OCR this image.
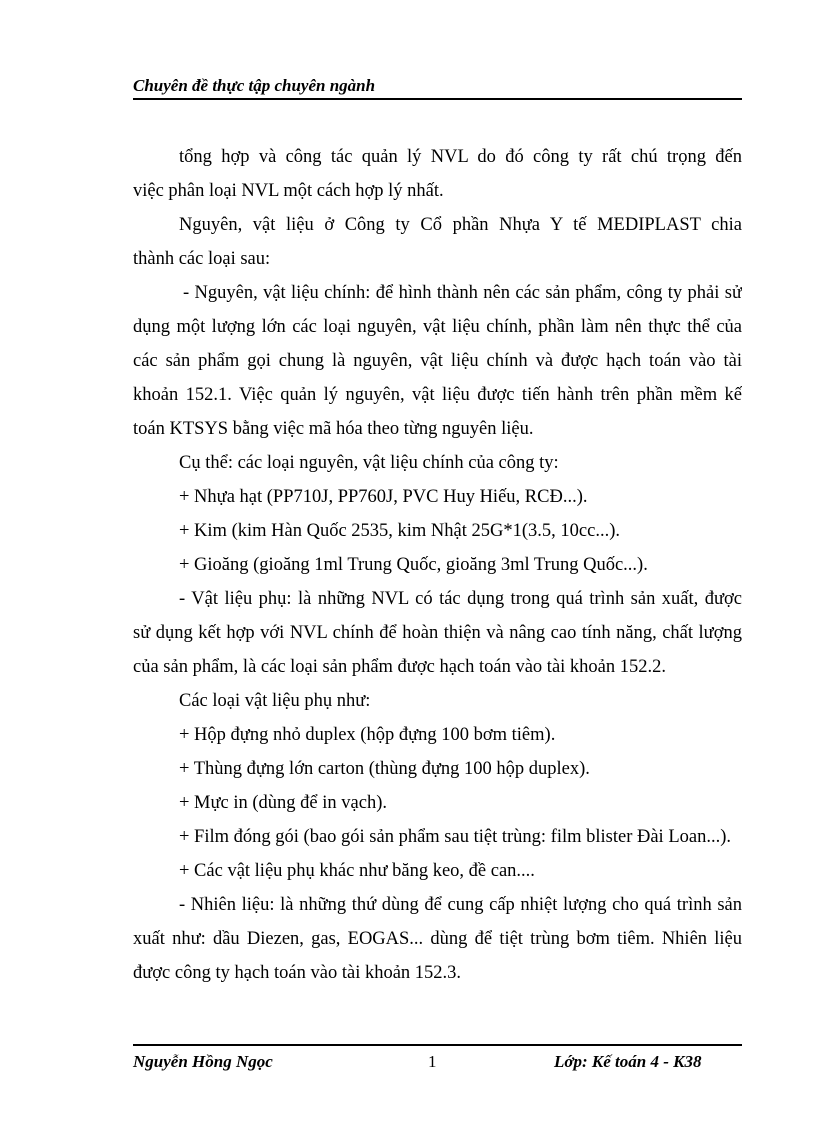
Chuyên đề thực tập chuyên ngành
tổng hợp và công tác quản lý NVL do đó công ty rất chú trọng đến
việc phân loại NVL một cách hợp lý nhất.
Nguyên, vật liệu ở Công ty Cổ phần Nhựa Y tế MEDIPLAST chia
thành các loại sau:
- Nguyên, vật liệu chính: để hình thành nên các sản phẩm, công ty phải sử
dụng một lượng lớn các loại nguyên, vật liệu chính, phần làm nên thực thể của
các sản phẩm gọi chung là nguyên, vật liệu chính và được hạch toán vào tài
khoản 152.1. Việc quản lý nguyên, vật liệu được tiến hành trên phần mềm kế
toán KTSYS bằng việc mã hóa theo từng nguyên liệu.
Cụ thể: các loại nguyên, vật liệu chính của công ty:
+ Nhựa hạt (PP710J, PP760J, PVC Huy Hiếu, RCĐ...).
+ Kim (kim Hàn Quốc 2535, kim Nhật 25G*1(3.5, 10cc...).
+ Gioăng (gioăng 1ml Trung Quốc, gioăng 3ml Trung Quốc...).
- Vật liệu phụ: là những NVL có tác dụng trong quá trình sản xuất, được
sử dụng kết hợp với NVL chính để hoàn thiện và nâng cao tính năng, chất lượng
của sản phẩm, là các loại sản phẩm được hạch toán vào tài khoản 152.2.
Các loại vật liệu phụ như:
+ Hộp đựng nhỏ duplex (hộp đựng 100 bơm tiêm).
+ Thùng đựng lớn carton (thùng đựng 100 hộp duplex).
+ Mực in (dùng để in vạch).
+ Film đóng gói (bao gói sản phẩm sau tiệt trùng: film blister Đài Loan...).
+ Các vật liệu phụ khác như băng keo, đề can....
- Nhiên liệu: là những thứ dùng để cung cấp nhiệt lượng cho quá trình sản
xuất như: dầu Diezen, gas, EOGAS... dùng để tiệt trùng bơm tiêm. Nhiên liệu
được công ty hạch toán vào tài khoản 152.3.
Nguyễn Hồng Ngọc	1	Lớp: Kế toán 4 - K38
